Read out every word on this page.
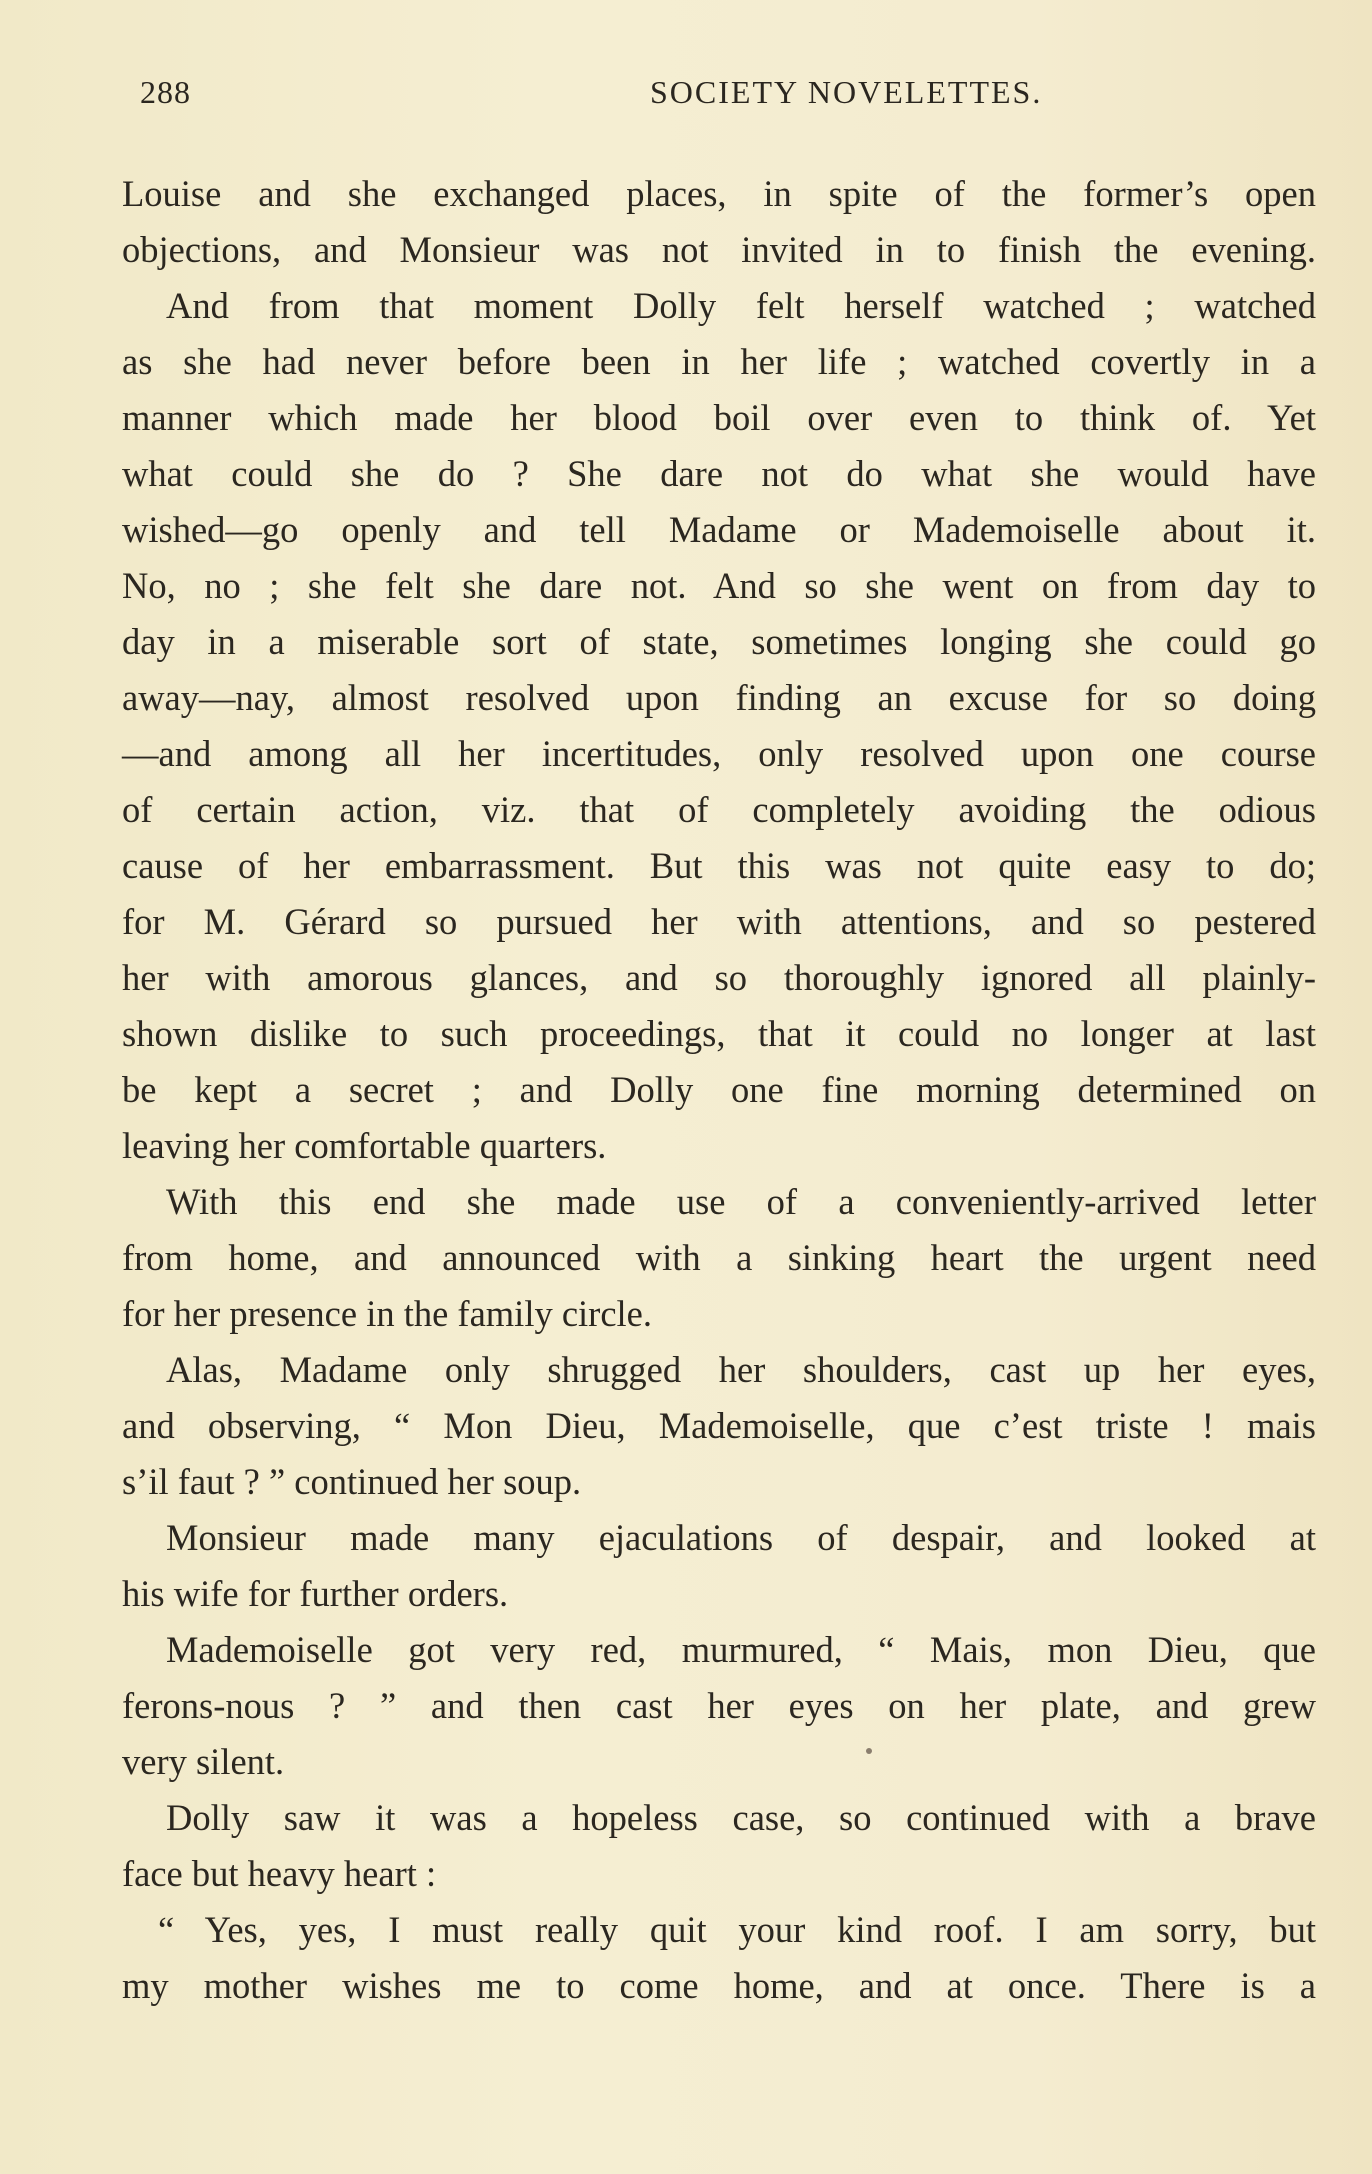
288	SOCIETY NOVELETTES.
Louise and she exchanged places, in spite of the former’s open
objections, and Monsieur was not invited in to finish the evening.
And from that moment Dolly felt herself watched ; watched
as she had never before been in her life ; watched covertly in a
manner which made her blood boil over even to think of. Yet
what could she do ? She dare not do what she would have
wished—go openly and tell Madame or Mademoiselle about it.
No, no ; she felt she dare not. And so she went on from day to
day in a miserable sort of state, sometimes longing she could go
away—nay, almost resolved upon finding an excuse for so doing
—and among all her incertitudes, only resolved upon one course
of certain action, viz. that of completely avoiding the odious
cause of her embarrassment. But this was not quite easy to do;
for M. Gérard so pursued her with attentions, and so pestered
her with amorous glances, and so thoroughly ignored all plainly-
shown dislike to such proceedings, that it could no longer at last
be kept a secret ; and Dolly one fine morning determined on
leaving her comfortable quarters.
With this end she made use of a conveniently-arrived letter
from home, and announced with a sinking heart the urgent need
for her presence in the family circle.
Alas, Madame only shrugged her shoulders, cast up her eyes,
and observing, “ Mon Dieu, Mademoiselle, que c’est triste ! mais
s’il faut ? ” continued her soup.
Monsieur made many ejaculations of despair, and looked at
his wife for further orders.
Mademoiselle got very red, murmured, “ Mais, mon Dieu, que
ferons-nous ? ” and then cast her eyes on her plate, and grew
very silent.
Dolly saw it was a hopeless case, so continued with a brave
face but heavy heart :
“ Yes, yes, I must really quit your kind roof. I am sorry, but
my mother wishes me to come home, and at once. There is a
